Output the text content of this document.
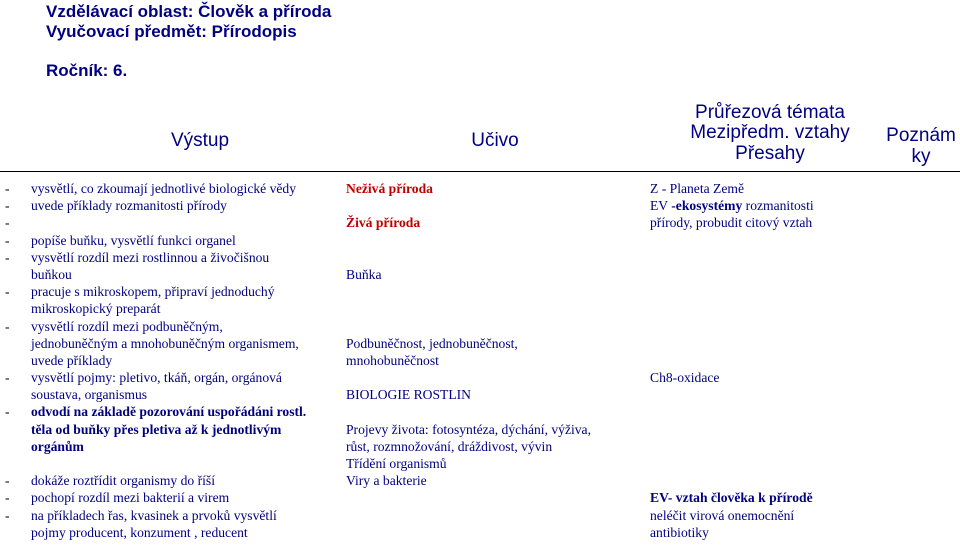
Vzdělávací oblast: Člověk a příroda
Vyučovací předmět: Přírodopis
Ročník: 6.
Výstup	Učivo
Průřezová témata
Mezipředm. vztahy
Přesahy
Poznám
ky
- vysvětlí, co zkoumají jednotlivé biologické vědy
- uvede příklady rozmanitosti přírody
-
- popíše buňku, vysvětlí funkci organel
- vysvětlí rozdíl mezi rostlinnou a živočišnou
buňkou
- pracuje s mikroskopem, připraví jednoduchý
mikroskopický preparát
- vysvětlí rozdíl mezi podbuněčným,
jednobuněčným a mnohobuněčným organismem,
uvede příklady
- vysvětlí pojmy: pletivo, tkáň, orgán, orgánová
soustava, organismus
- odvodí na základě pozorování uspořádáni rostl.
těla od buňky přes pletiva až k jednotlivým
orgánům
- dokáže roztřídit organismy do říší
- pochopí rozdíl mezi bakterií a virem
- na příkladech řas, kvasinek a prvoků vysvětlí
pojmy producent, konzument , reducent
Neživá příroda
Živá příroda
Buňka
Podbuněčnost, jednobuněčnost,
mnohobuněčnost
BIOLOGIE ROSTLIN
Projevy života: fotosyntéza, dýchání, výživa,
růst, rozmnožování, dráždivost, vývin
Třídění organismů
Viry a bakterie
Z - Planeta Země
EV -ekosystémy rozmanitosti
přírody, probudit citový vztah
Ch8-oxidace
EV- vztah člověka k přírodě
neléčit virová onemocnění
antibiotiky
